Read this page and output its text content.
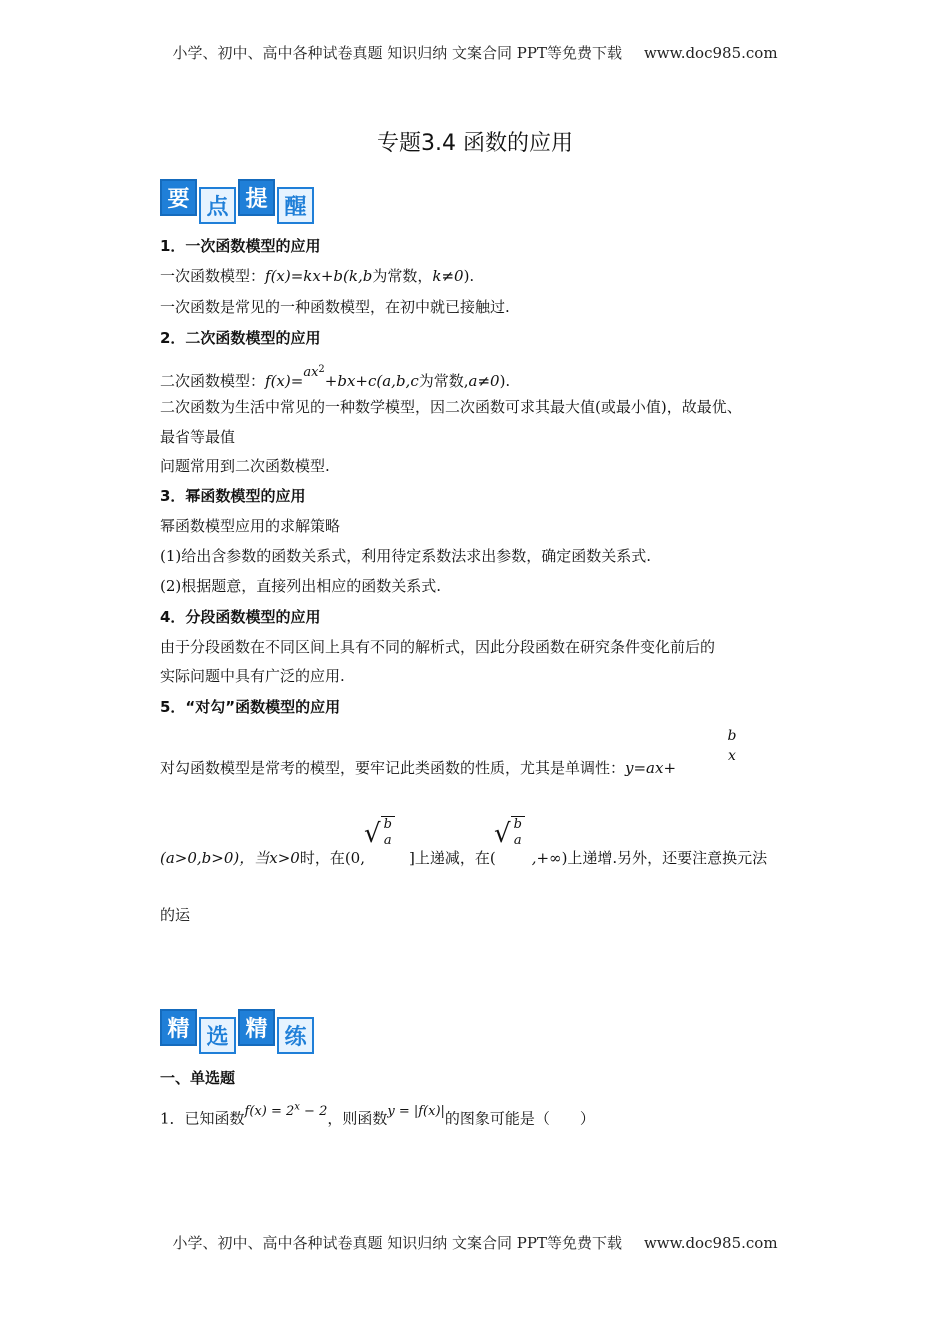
小学、初中、高中各种试卷真题 知识归纳 文案合同 PPT等免费下载 www.doc985.com
专题3.4 函数的应用
要 点 提 醒
1．一次函数模型的应用
一次函数模型：f(x)=kx+b(k,b为常数，k≠0).
一次函数是常见的一种函数模型，在初中就已接触过.
2．二次函数模型的应用
二次函数模型：$f(x)=ax^2+bx+c(a,b,c$为常数,a≠0).
二次函数为生活中常见的一种数学模型，因二次函数可求其最大值(或最小值)，故最优、
最省等最值
问题常用到二次函数模型.
3．幂函数模型的应用
幂函数模型应用的求解策略
(1)给出含参数的函数关系式，利用待定系数法求出参数，确定函数关系式.
(2)根据题意，直接列出相应的函数关系式.
4．分段函数模型的应用
由于分段函数在不同区间上具有不同的解析式，因此分段函数在研究条件变化前后的
实际问题中具有广泛的应用.
5．“对勾”函数模型的应用
对勾函数模型是常考的模型，要牢记此类函数的性质，尤其是单调性：y=ax+
b
x
(a>0,b>0)，当x>0时，在(0,	]上递减，在( ,+∞)上递增.另外，还要注意换元法
√ b
a	√ b
a
的运
精 选 精 练
一、单选题
1．已知函数$f(x) = 2^x - 2$，则函数y = |f(x)|的图象可能是（　　）
小学、初中、高中各种试卷真题 知识归纳 文案合同 PPT等免费下载 www.doc985.com
